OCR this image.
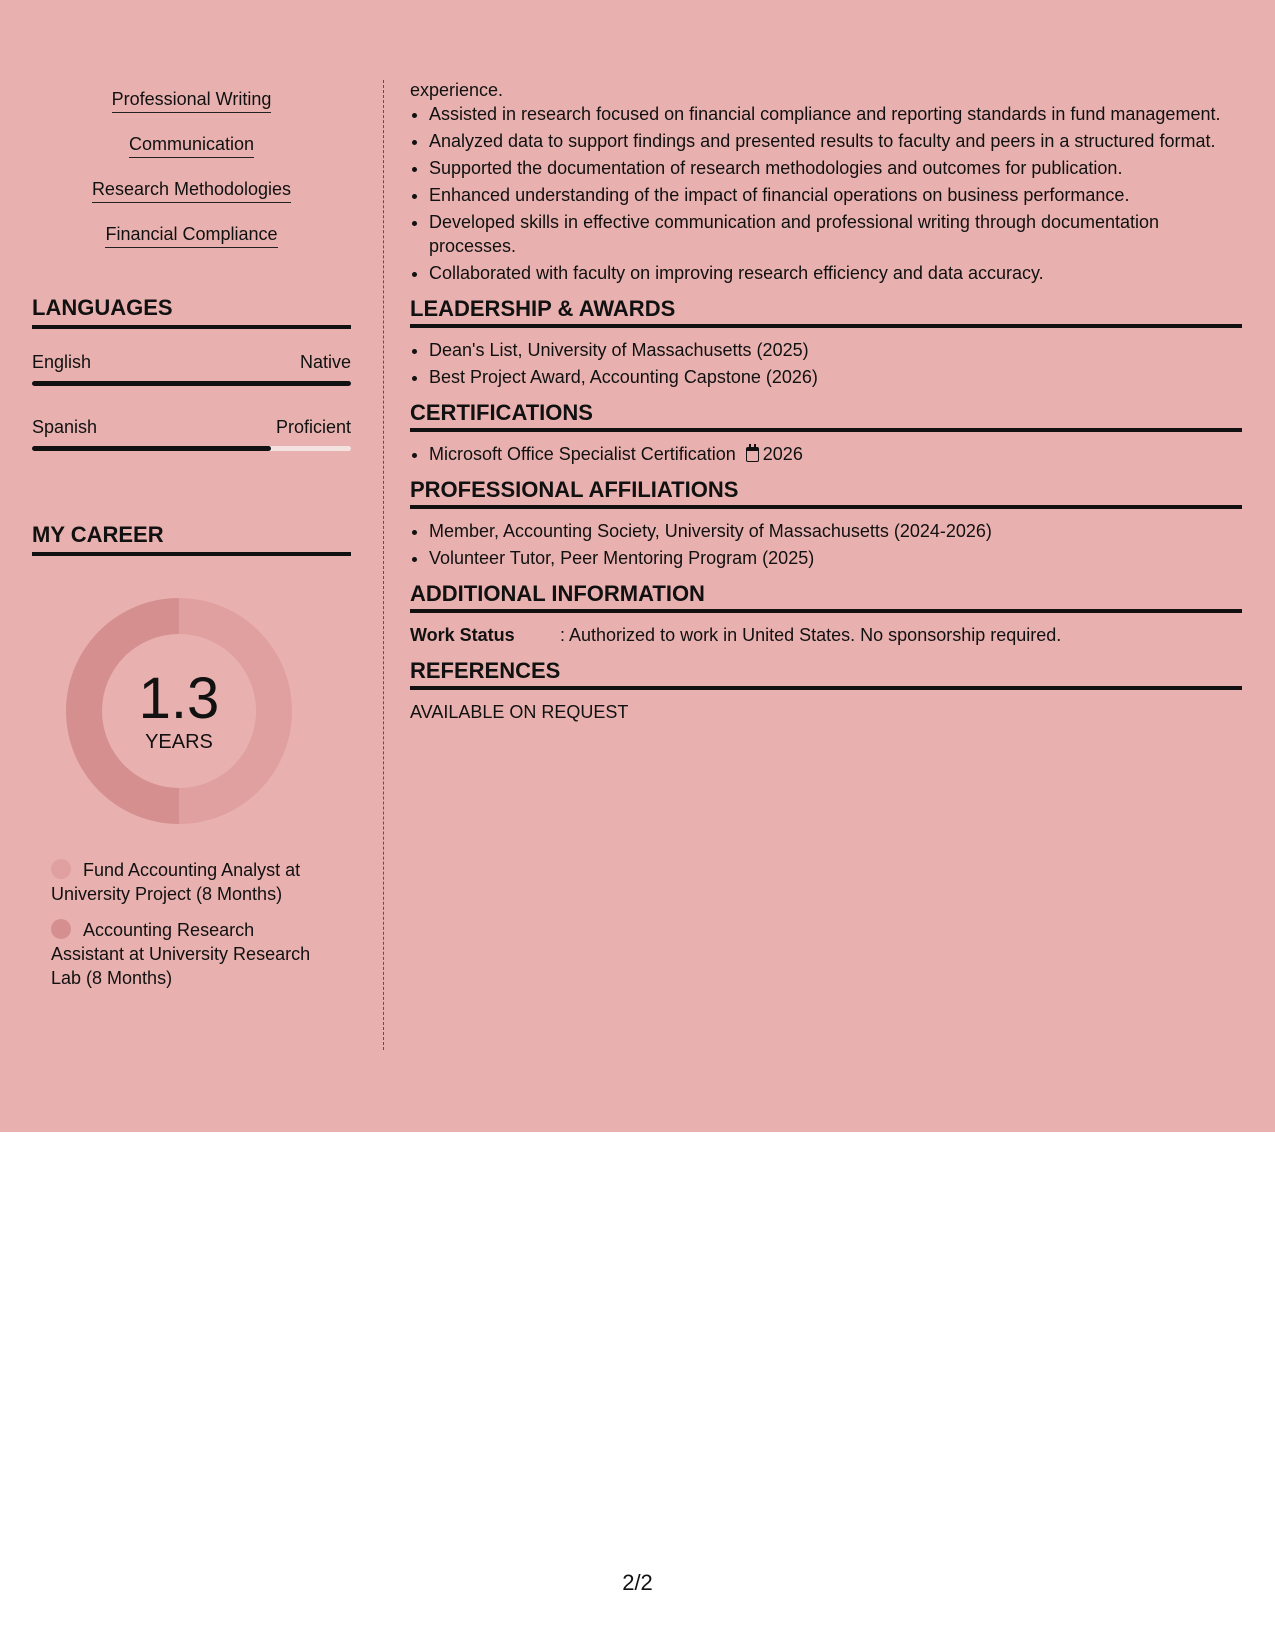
Professional Writing
Communication
Research Methodologies
Financial Compliance
LANGUAGES
English	Native
Spanish	Proficient
MY CAREER
1.3
YEARS
Fund Accounting Analyst at University Project (8 Months)
Accounting Research Assistant at University Research Lab (8 Months)
experience.
• Assisted in research focused on financial compliance and reporting standards in fund management.
• Analyzed data to support findings and presented results to faculty and peers in a structured format.
• Supported the documentation of research methodologies and outcomes for publication.
• Enhanced understanding of the impact of financial operations on business performance.
• Developed skills in effective communication and professional writing through documentation processes.
• Collaborated with faculty on improving research efficiency and data accuracy.
LEADERSHIP & AWARDS
• Dean's List, University of Massachusetts (2025)
• Best Project Award, Accounting Capstone (2026)
CERTIFICATIONS
• Microsoft Office Specialist Certification 2026
PROFESSIONAL AFFILIATIONS
• Member, Accounting Society, University of Massachusetts (2024-2026)
• Volunteer Tutor, Peer Mentoring Program (2025)
ADDITIONAL INFORMATION
Work Status	: Authorized to work in United States. No sponsorship required.
REFERENCES
AVAILABLE ON REQUEST
2/2
